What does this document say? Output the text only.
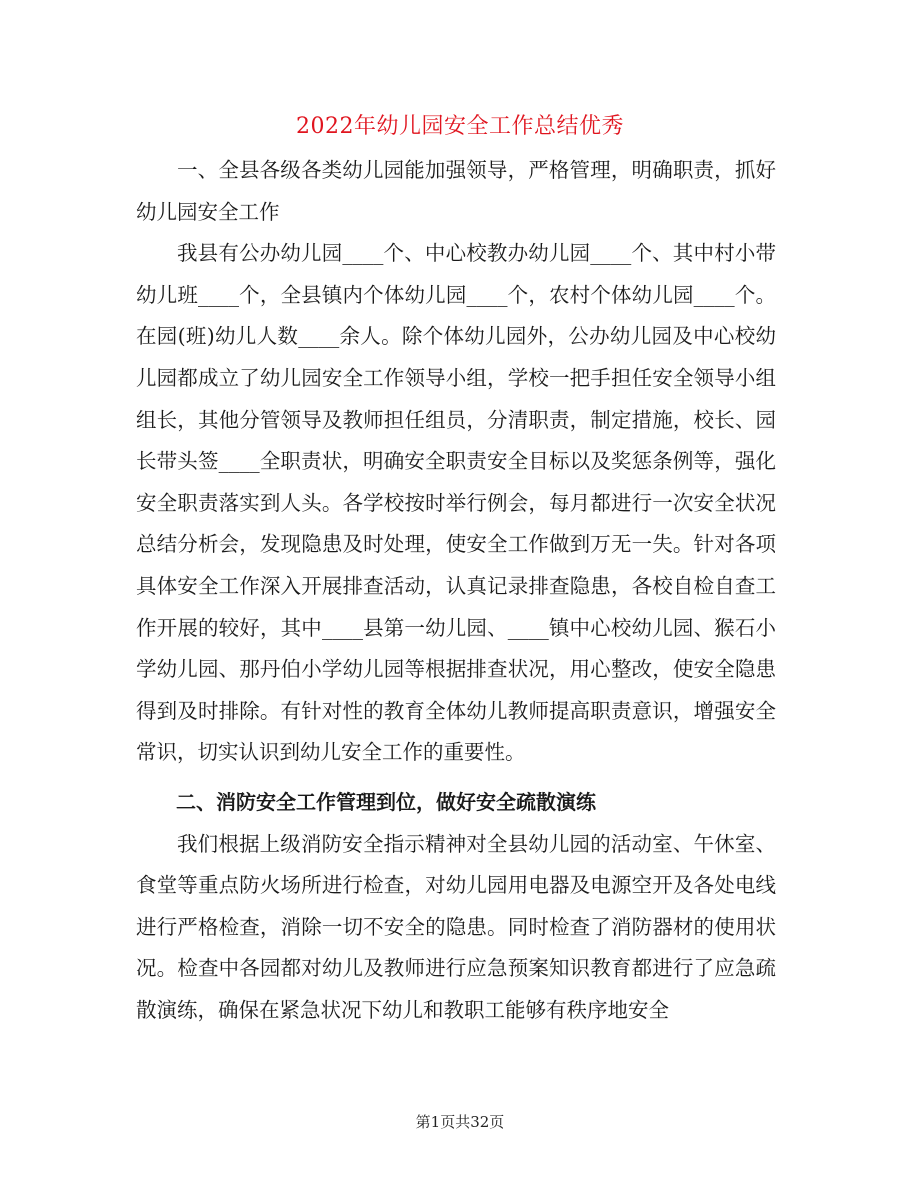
2022年幼儿园安全工作总结优秀

一、全县各级各类幼儿园能加强领导，严格管理，明确职责，抓好幼儿园安全工作

我县有公办幼儿园____个、中心校教办幼儿园____个、其中村小带幼儿班____个，全县镇内个体幼儿园____个，农村个体幼儿园____个。在园(班)幼儿人数____余人。除个体幼儿园外，公办幼儿园及中心校幼儿园都成立了幼儿园安全工作领导小组，学校一把手担任安全领导小组组长，其他分管领导及教师担任组员，分清职责，制定措施，校长、园长带头签____全职责状，明确安全职责安全目标以及奖惩条例等，强化安全职责落实到人头。各学校按时举行例会，每月都进行一次安全状况总结分析会，发现隐患及时处理，使安全工作做到万无一失。针对各项具体安全工作深入开展排查活动，认真记录排查隐患，各校自检自查工作开展的较好，其中____县第一幼儿园、____镇中心校幼儿园、猴石小学幼儿园、那丹伯小学幼儿园等根据排查状况，用心整改，使安全隐患得到及时排除。有针对性的教育全体幼儿教师提高职责意识，增强安全常识，切实认识到幼儿安全工作的重要性。

二、消防安全工作管理到位，做好安全疏散演练

我们根据上级消防安全指示精神对全县幼儿园的活动室、午休室、食堂等重点防火场所进行检查，对幼儿园用电器及电源空开及各处电线进行严格检查，消除一切不安全的隐患。同时检查了消防器材的使用状况。检查中各园都对幼儿及教师进行应急预案知识教育都进行了应急疏散演练，确保在紧急状况下幼儿和教职工能够有秩序地安全

第1页共32页
